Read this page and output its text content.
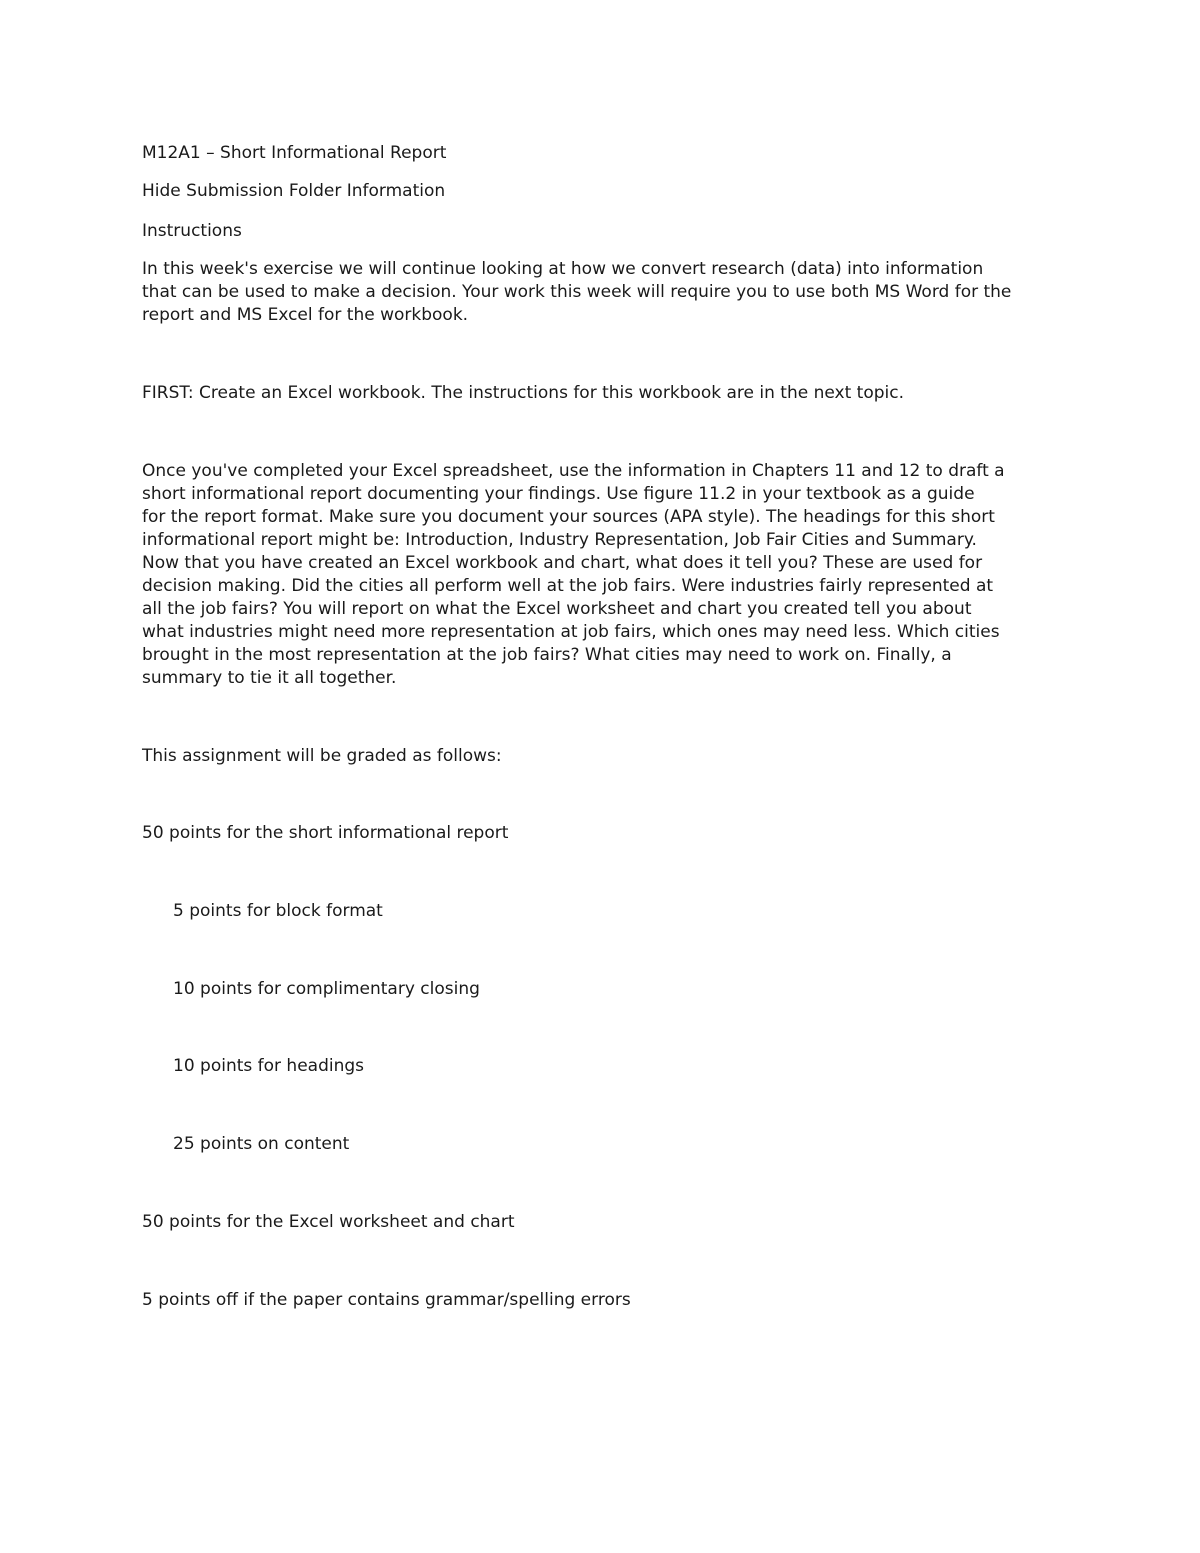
M12A1 – Short Informational Report

Hide Submission Folder Information

Instructions

In this week's exercise we will continue looking at how we convert research (data) into information
that can be used to make a decision. Your work this week will require you to use both MS Word for the
report and MS Excel for the workbook.

FIRST: Create an Excel workbook. The instructions for this workbook are in the next topic.

Once you've completed your Excel spreadsheet, use the information in Chapters 11 and 12 to draft a
short informational report documenting your findings. Use figure 11.2 in your textbook as a guide
for the report format. Make sure you document your sources (APA style). The headings for this short
informational report might be: Introduction, Industry Representation, Job Fair Cities and Summary.
Now that you have created an Excel workbook and chart, what does it tell you? These are used for
decision making. Did the cities all perform well at the job fairs. Were industries fairly represented at
all the job fairs? You will report on what the Excel worksheet and chart you created tell you about
what industries might need more representation at job fairs, which ones may need less. Which cities
brought in the most representation at the job fairs? What cities may need to work on. Finally, a
summary to tie it all together.

This assignment will be graded as follows:

50 points for the short informational report

5 points for block format

10 points for complimentary closing

10 points for headings

25 points on content

50 points for the Excel worksheet and chart

5 points off if the paper contains grammar/spelling errors
